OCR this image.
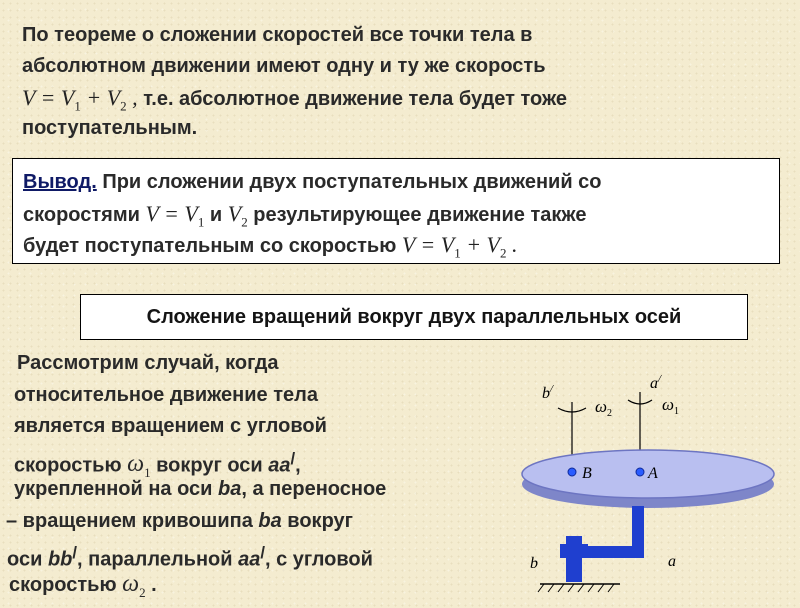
По теореме о сложении скоростей все точки тела в
абсолютном движении имеют одну и ту же скорость
$V = V_1 + V_2$ , т.е. абсолютное движение тела будет тоже
поступательным.
Вывод. При сложении двух поступательных движений со
скоростями $V = V_1$ и $V_2$ результирующее движение также
будет поступательным со скоростью $V = V_1 + V_2$ .
Сложение вращений вокруг двух параллельных осей
Рассмотрим случай, когда
относительное движение тела
является вращением с угловой
скоростью $\omega_1$ вокруг оси aa/,
укрепленной на оси ba, а переносное
– вращением кривошипа ba вокруг
оси bb/, параллельной aa/, с угловой
скоростью $\omega_2$ .
b/	a/
$\omega_2$	$\omega_1$
B	A
b	a
